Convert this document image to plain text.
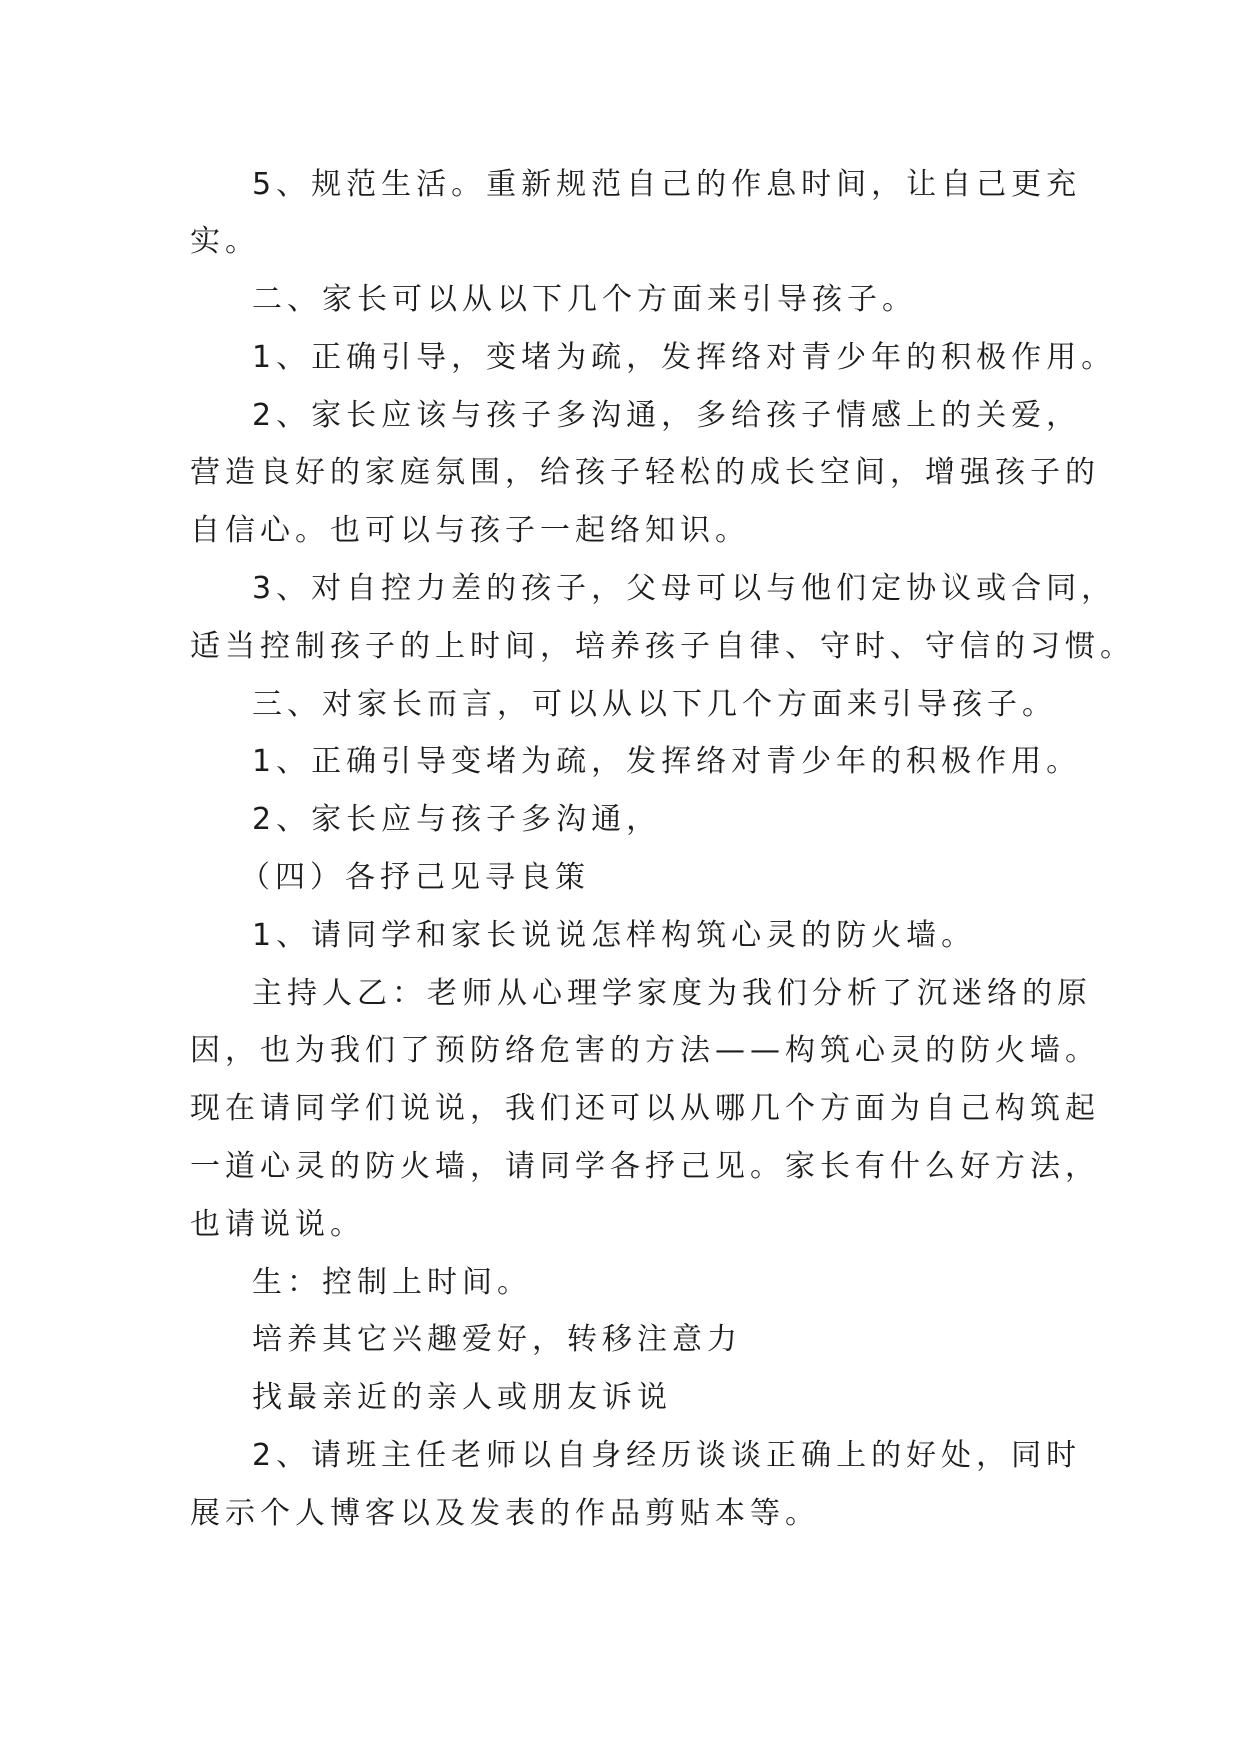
5、规范生活。重新规范自己的作息时间，让自己更充
实。
二、家长可以从以下几个方面来引导孩子。
1、正确引导，变堵为疏，发挥络对青少年的积极作用。
2、家长应该与孩子多沟通，多给孩子情感上的关爱，
营造良好的家庭氛围，给孩子轻松的成长空间，增强孩子的
自信心。也可以与孩子一起络知识。
3、对自控力差的孩子，父母可以与他们定协议或合同，
适当控制孩子的上时间，培养孩子自律、守时、守信的习惯。
三、对家长而言，可以从以下几个方面来引导孩子。
1、正确引导变堵为疏，发挥络对青少年的积极作用。
2、家长应与孩子多沟通，
（四）各抒己见寻良策
1、请同学和家长说说怎样构筑心灵的防火墙。
主持人乙：老师从心理学家度为我们分析了沉迷络的原
因，也为我们了预防络危害的方法——构筑心灵的防火墙。
现在请同学们说说，我们还可以从哪几个方面为自己构筑起
一道心灵的防火墙，请同学各抒己见。家长有什么好方法，
也请说说。
生：控制上时间。
培养其它兴趣爱好，转移注意力
找最亲近的亲人或朋友诉说
2、请班主任老师以自身经历谈谈正确上的好处，同时
展示个人博客以及发表的作品剪贴本等。
